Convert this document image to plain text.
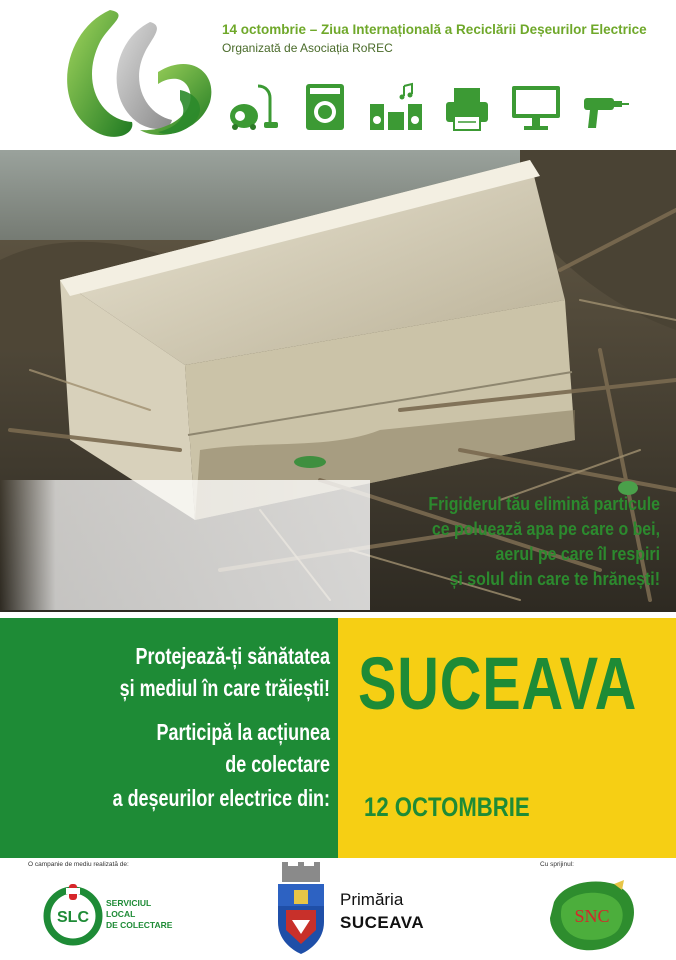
14 octombrie – Ziua Internațională a Reciclării Deșeurilor Electrice
Organizată de Asociația RoREC
Frigiderul tău elimină particule
ce poluează apa pe care o bei,
aerul pe care îl respiri
și solul din care te hrănești!
Protejează-ți sănătatea
și mediul în care trăiești!
Participă la acțiunea
de colectare
a deșeurilor electrice din:
SUCEAVA
12 OCTOMBRIE
O campanie de mediu realizată de:
SLC
SERVICIUL
LOCAL
DE COLECTARE
Primăria
SUCEAVA
Cu sprijinul:
SNC
